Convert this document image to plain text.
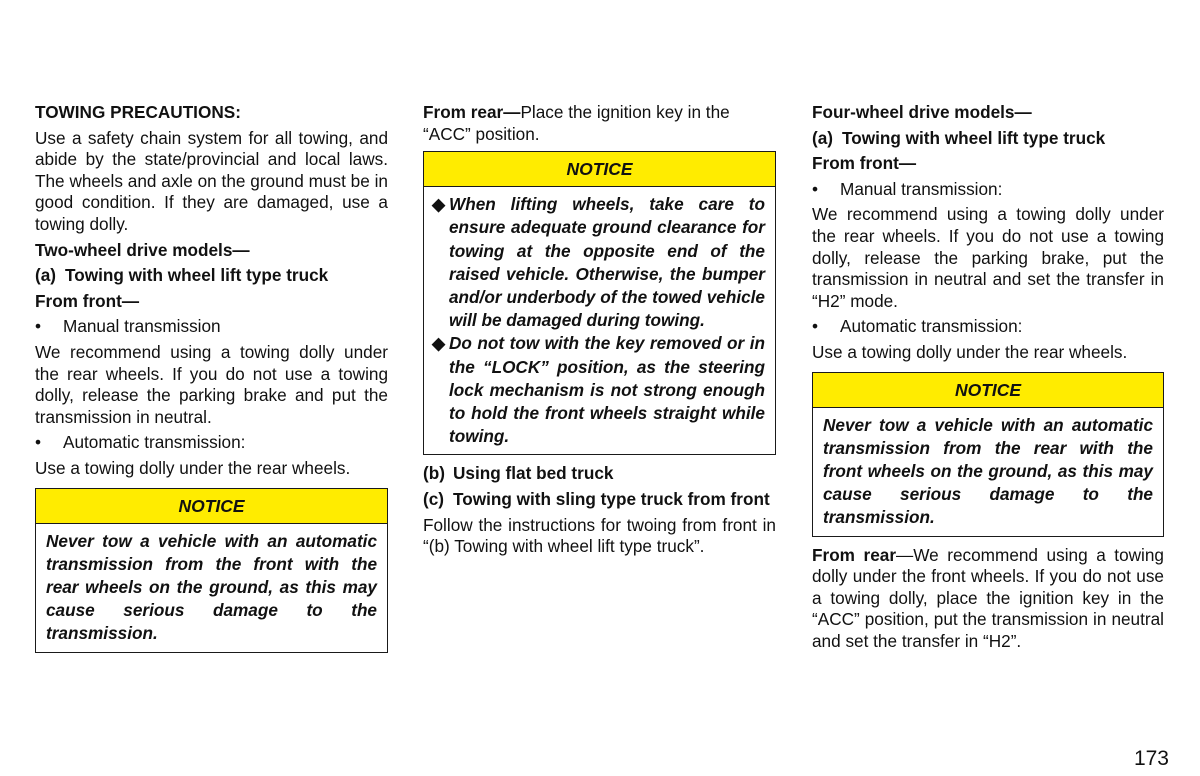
TOWING PRECAUTIONS:

Use a safety chain system for all towing, and abide by the state/provincial and local laws. The wheels and axle on the ground must be in good condition. If they are damaged, use a towing dolly.

Two-wheel drive models—
(a) Towing with wheel lift type truck
From front—
•	Manual transmission

We recommend using a towing dolly under the rear wheels. If you do not use a towing dolly, release the parking brake and put the transmission in neutral.

•	Automatic transmission:

Use a towing dolly under the rear wheels.

NOTICE
Never tow a vehicle with an automatic transmission from the front with the rear wheels on the ground, as this may cause serious damage to the transmission.

From rear—Place the ignition key in the “ACC” position.

NOTICE
◆ When lifting wheels, take care to ensure adequate ground clearance for towing at the opposite end of the raised vehicle. Otherwise, the bumper and/or underbody of the towed vehicle will be damaged during towing.
◆ Do not tow with the key removed or in the “LOCK” position, as the steering lock mechanism is not strong enough to hold the front wheels straight while towing.
(b) Using flat bed truck
(c) Towing with sling type truck from front

Follow the instructions for twoing from front in “(b) Towing with wheel lift type truck”.

Four-wheel drive models—
(a) Towing with wheel lift type truck
From front—
•	Manual transmission:

We recommend using a towing dolly under the rear wheels. If you do not use a towing dolly, release the parking brake, put the transmission in neutral and set the transfer in “H2” mode.

•	Automatic transmission:

Use a towing dolly under the rear wheels.

NOTICE
Never tow a vehicle with an automatic transmission from the rear with the front wheels on the ground, as this may cause serious damage to the transmission.

From rear—We recommend using a towing dolly under the front wheels. If you do not use a towing dolly, place the ignition key in the “ACC” position, put the transmission in neutral and set the transfer in “H2”.

173
